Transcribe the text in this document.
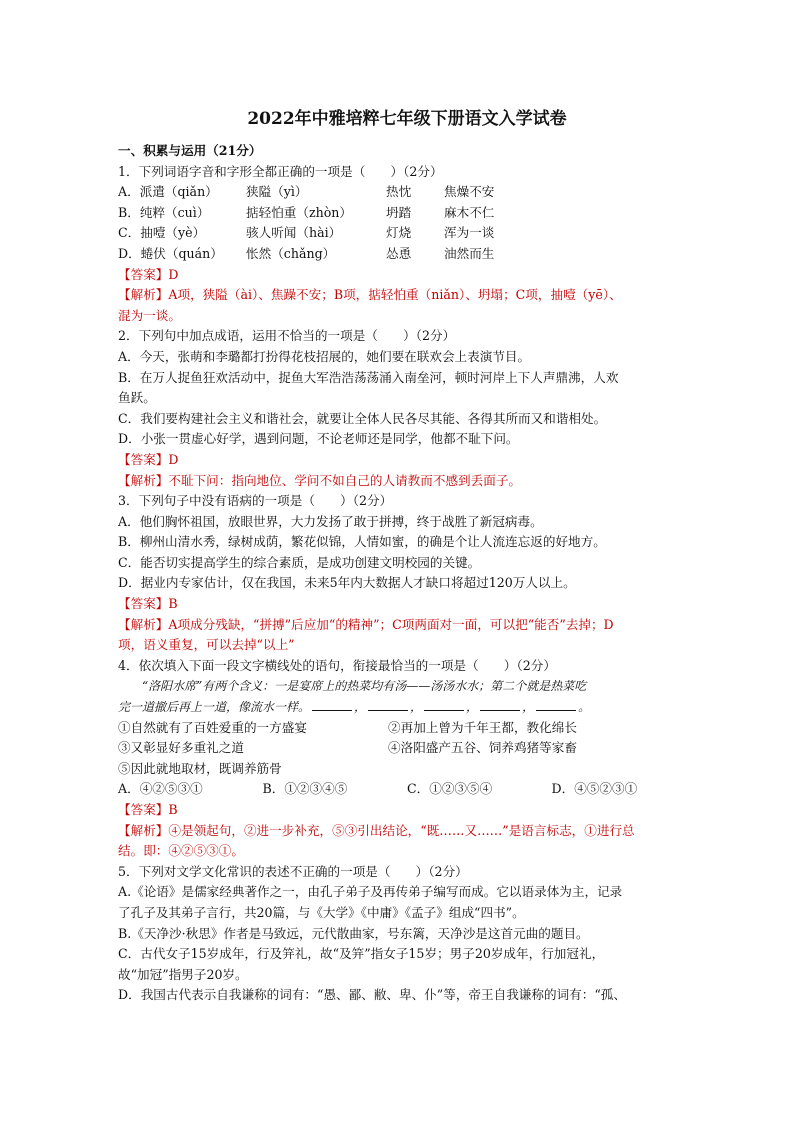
2022年中雅培粹七年级下册语文入学试卷
一、积累与运用（21分）
1．下列词语字音和字形全都正确的一项是（　　）（2分）
A．派遣（qiǎn） 狭隘（yì）	热忱	焦燥不安
B．纯粹（cuì）	掂轻怕重（zhòn）	坍踏	麻木不仁
C．抽噎（yè）	骇人听闻（hài）	灯烧	浑为一谈
D．蜷伏（quán） 怅然（chǎng）	怂恿	油然而生
【答案】D
【解析】A项，狭隘（ài）、焦躁不安；B项，掂轻怕重（niǎn）、坍塌；C项，抽噎（yē）、
混为一谈。
2．下列句中加点成语，运用不恰当的一项是（　　）（2分）
A．今天，张萌和李璐都打扮得花枝招展的，她们要在联欢会上表演节目。
B．在万人捉鱼狂欢活动中，捉鱼大军浩浩荡荡涌入南垒河，顿时河岸上下人声鼎沸，人欢
鱼跃。
C．我们要构建社会主义和谐社会，就要让全体人民各尽其能、各得其所而又和谐相处。
D．小张一贯虚心好学，遇到问题，不论老师还是同学，他都不耻下问。
【答案】D
【解析】不耻下问：指向地位、学问不如自己的人请教而不感到丢面子。
3．下列句子中没有语病的一项是（　　）（2分）
A．他们胸怀祖国，放眼世界，大力发扬了敢于拼搏，终于战胜了新冠病毒。
B．柳州山清水秀，绿树成荫，繁花似锦，人情如蜜，的确是个让人流连忘返的好地方。
C．能否切实提高学生的综合素质，是成功创建文明校园的关键。
D．据业内专家估计，仅在我国，未来5年内大数据人才缺口将超过120万人以上。
【答案】B
【解析】A项成分残缺，“拼搏”后应加“的精神”；C项两面对一面，可以把“能否”去掉；D
项，语义重复，可以去掉“以上”
4．依次填入下面一段文字横线处的语句，衔接最恰当的一项是（　　）（2分）
“洛阳水席”有两个含义：一是宴席上的热菜均有汤——汤汤水水；第二个就是热菜吃
完一道撤后再上一道，像流水一样。	，	，	，	，	。
①自然就有了百姓爱重的一方盛宴	②再加上曾为千年王都，教化绵长
③又彰显好多重礼之道	④洛阳盛产五谷、饲养鸡猪等家畜
⑤因此就地取材，既调养筋骨
A．④②⑤③①	B．①②③④⑤	C．①②③⑤④	D．④⑤②③①
【答案】B
【解析】④是领起句，②进一步补充，⑤③引出结论，“既……又……”是语言标志，①进行总
结。即：④②⑤③①。
5．下列对文学文化常识的表述不正确的一项是（　　）（2分）
A.《论语》是儒家经典著作之一，由孔子弟子及再传弟子编写而成。它以语录体为主，记录
了孔子及其弟子言行，共20篇，与《大学》《中庸》《孟子》组成“四书”。
B.《天净沙·秋思》作者是马致远，元代散曲家，号东篱，天净沙是这首元曲的题目。
C．古代女子15岁成年，行及笄礼，故“及笄”指女子15岁；男子20岁成年，行加冠礼，
故“加冠”指男子20岁。
D．我国古代表示自我谦称的词有：“愚、鄙、敝、卑、仆”等，帝王自我谦称的词有：“孤、
